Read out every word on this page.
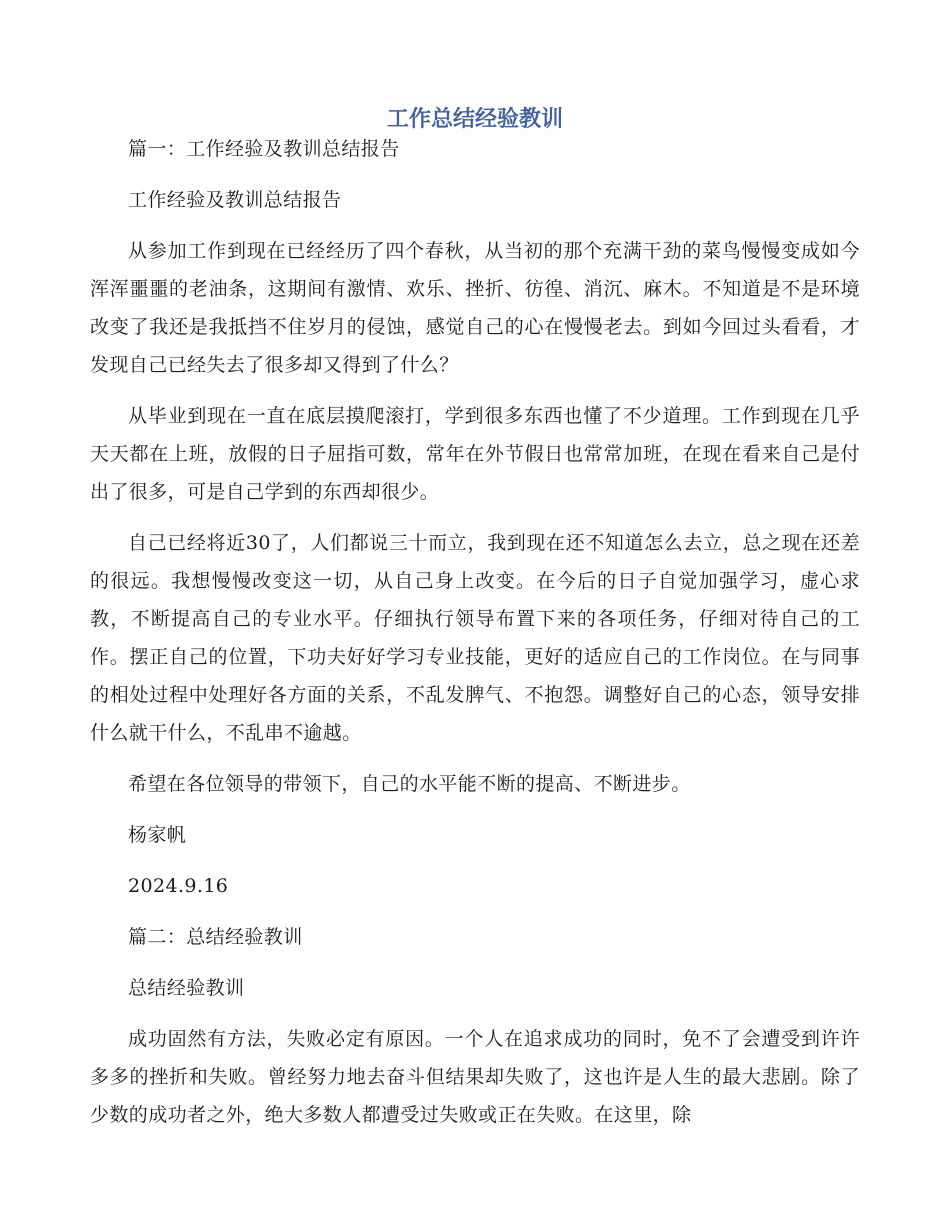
工作总结经验教训

篇一：工作经验及教训总结报告

工作经验及教训总结报告

从参加工作到现在已经经历了四个春秋，从当初的那个充满干劲的菜鸟慢慢变成如今浑浑噩噩的老油条，这期间有激情、欢乐、挫折、彷徨、消沉、麻木。不知道是不是环境改变了我还是我抵挡不住岁月的侵蚀，感觉自己的心在慢慢老去。到如今回过头看看，才发现自己已经失去了很多却又得到了什么？

从毕业到现在一直在底层摸爬滚打，学到很多东西也懂了不少道理。工作到现在几乎天天都在上班，放假的日子屈指可数，常年在外节假日也常常加班，在现在看来自己是付出了很多，可是自己学到的东西却很少。

自己已经将近30了，人们都说三十而立，我到现在还不知道怎么去立，总之现在还差的很远。我想慢慢改变这一切，从自己身上改变。在今后的日子自觉加强学习，虚心求教，不断提高自己的专业水平。仔细执行领导布置下来的各项任务，仔细对待自己的工作。摆正自己的位置，下功夫好好学习专业技能，更好的适应自己的工作岗位。在与同事的相处过程中处理好各方面的关系，不乱发脾气、不抱怨。调整好自己的心态，领导安排什么就干什么，不乱串不逾越。

希望在各位领导的带领下，自己的水平能不断的提高、不断进步。

杨家帆

2024.9.16

篇二：总结经验教训

总结经验教训

成功固然有方法，失败必定有原因。一个人在追求成功的同时，免不了会遭受到许许多多的挫折和失败。曾经努力地去奋斗但结果却失败了，这也许是人生的最大悲剧。除了少数的成功者之外，绝大多数人都遭受过失败或正在失败。在这里，除
